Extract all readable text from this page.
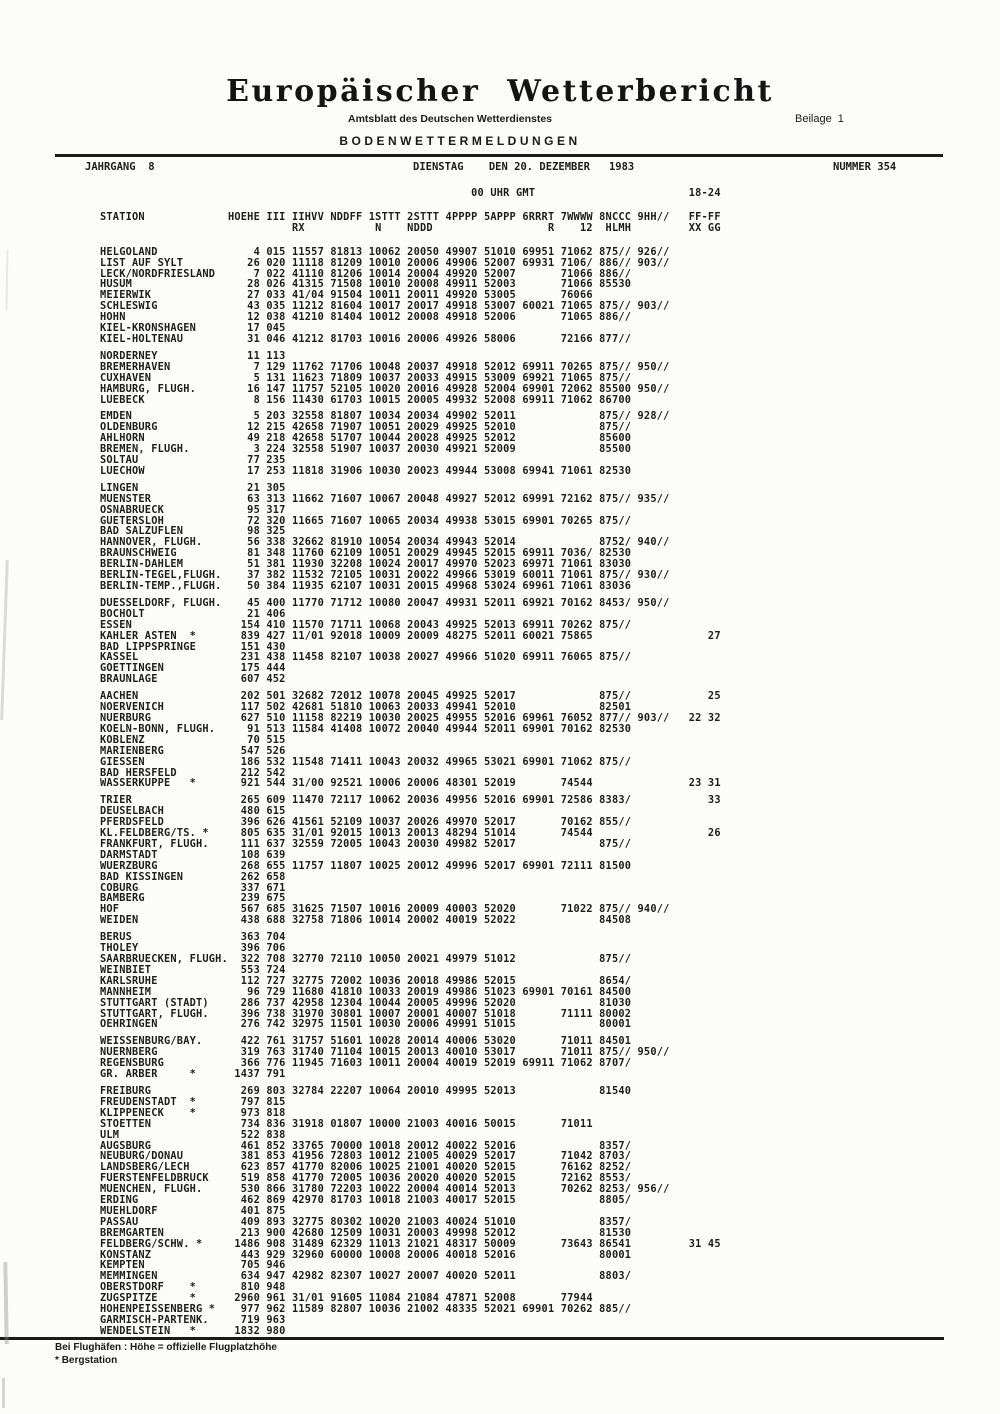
Europäischer Wetterbericht
Amtsblatt des Deutschen Wetterdienstes	Beilage  1
BODENWETTERMELDUNGEN
JAHRGANG  8	DIENSTAG    DEN 20. DEZEMBER   1983	NUMMER 354
00 UHR GMT                        18-24
STATION             HOEHE III IIHVV NDDFF 1STTT 2STTT 4PPPP 5APPP 6RRRT 7WWWW 8NCCC 9HH//   FF-FF
RX           N    NDDD                  R    12  HLMH         XX GG
HELGOLAND               4 015 11557 81813 10062 20050 49907 51010 69951 71062 875// 926//
LIST AUF SYLT          26 020 11118 81209 10010 20006 49906 52007 69931 7106/ 886// 903//
LECK/NORDFRIESLAND      7 022 41110 81206 10014 20004 49920 52007       71066 886//
HUSUM                  28 026 41315 71508 10010 20008 49911 52003       71066 85530
MEIERWIK               27 033 41/04 91504 10011 20011 49920 53005       76066
SCHLESWIG              43 035 11212 81604 10017 20017 49918 53007 60021 71065 875// 903//
HOHN                   12 038 41210 81404 10012 20008 49918 52006       71065 886//
KIEL-KRONSHAGEN        17 045
KIEL-HOLTENAU          31 046 41212 81703 10016 20006 49926 58006       72166 877//
NORDERNEY              11 113
BREMERHAVEN             7 129 11762 71706 10048 20037 49918 52012 69911 70265 875// 950//
CUXHAVEN                5 131 11623 71809 10037 20033 49915 53009 69921 71065 875//
HAMBURG, FLUGH.        16 147 11757 52105 10020 20016 49928 52004 69901 72062 85500 950//
LUEBECK                 8 156 11430 61703 10015 20005 49932 52008 69911 71062 86700
EMDEN                   5 203 32558 81807 10034 20034 49902 52011             875// 928//
OLDENBURG              12 215 42658 71907 10051 20029 49925 52010             875//
AHLHORN                49 218 42658 51707 10044 20028 49925 52012             85600
BREMEN, FLUGH.          3 224 32558 51907 10037 20030 49921 52009             85500
SOLTAU                 77 235
LUECHOW                17 253 11818 31906 10030 20023 49944 53008 69941 71061 82530
LINGEN                 21 305
MUENSTER               63 313 11662 71607 10067 20048 49927 52012 69991 72162 875// 935//
OSNABRUECK             95 317
GUETERSLOH             72 320 11665 71607 10065 20034 49938 53015 69901 70265 875//
BAD SALZUFLEN          98 325
HANNOVER, FLUGH.       56 338 32662 81910 10054 20034 49943 52014             8752/ 940//
BRAUNSCHWEIG           81 348 11760 62109 10051 20029 49945 52015 69911 7036/ 82530
BERLIN-DAHLEM          51 381 11930 32208 10024 20017 49970 52023 69971 71061 83030
BERLIN-TEGEL,FLUGH.    37 382 11532 72105 10031 20022 49966 53019 60011 71061 875// 930//
BERLIN-TEMP.,FLUGH.    50 384 11935 62107 10031 20015 49968 53024 69961 71061 83036
DUESSELDORF, FLUGH.    45 400 11770 71712 10080 20047 49931 52011 69921 70162 8453/ 950//
BOCHOLT                21 406
ESSEN                 154 410 11570 71711 10068 20043 49925 52013 69911 70262 875//
KAHLER ASTEN  *       839 427 11/01 92018 10009 20009 48275 52011 60021 75865                  27
BAD LIPPSPRINGE       151 430
KASSEL                231 438 11458 82107 10038 20027 49966 51020 69911 76065 875//
GOETTINGEN            175 444
BRAUNLAGE             607 452
AACHEN                202 501 32682 72012 10078 20045 49925 52017             875//            25
NOERVENICH            117 502 42681 51810 10063 20033 49941 52010             82501
NUERBURG              627 510 11158 82219 10030 20025 49955 52016 69961 76052 877// 903//   22 32
KOELN-BONN, FLUGH.     91 513 11584 41408 10072 20040 49944 52011 69901 70162 82530
KOBLENZ                70 515
MARIENBERG            547 526
GIESSEN               186 532 11548 71411 10043 20032 49965 53021 69901 71062 875//
BAD HERSFELD          212 542
WASSERKUPPE   *       921 544 31/00 92521 10006 20006 48301 52019       74544               23 31
TRIER                 265 609 11470 72117 10062 20036 49956 52016 69901 72586 8383/            33
DEUSELBACH            480 615
PFERDSFELD            396 626 41561 52109 10037 20026 49970 52017       70162 855//
KL.FELDBERG/TS. *     805 635 31/01 92015 10013 20013 48294 51014       74544                  26
FRANKFURT, FLUGH.     111 637 32559 72005 10043 20030 49982 52017             875//
DARMSTADT             108 639
WUERZBURG             268 655 11757 11807 10025 20012 49996 52017 69901 72111 81500
BAD KISSINGEN         262 658
COBURG                337 671
BAMBERG               239 675
HOF                   567 685 31625 71507 10016 20009 40003 52020       71022 875// 940//
WEIDEN                438 688 32758 71806 10014 20002 40019 52022             84508
BERUS                 363 704
THOLEY                396 706
SAARBRUECKEN, FLUGH.  322 708 32770 72110 10050 20021 49979 51012             875//
WEINBIET              553 724
KARLSRUHE             112 727 32775 72002 10036 20018 49986 52015             8654/
MANNHEIM               96 729 11680 41810 10033 20019 49986 51023 69901 70161 84500
STUTTGART (STADT)     286 737 42958 12304 10044 20005 49996 52020             81030
STUTTGART, FLUGH.     396 738 31970 30801 10007 20001 40007 51018       71111 80002
OEHRINGEN             276 742 32975 11501 10030 20006 49991 51015             80001
WEISSENBURG/BAY.      422 761 31757 51601 10028 20014 40006 53020       71011 84501
NUERNBERG             319 763 31740 71104 10015 20013 40010 53017       71011 875// 950//
REGENSBURG            366 776 11945 71603 10011 20004 40019 52019 69911 71062 8707/
GR. ARBER     *      1437 791
FREIBURG              269 803 32784 22207 10064 20010 49995 52013             81540
FREUDENSTADT  *       797 815
KLIPPENECK    *       973 818
STOETTEN              734 836 31918 01807 10000 21003 40016 50015       71011
ULM                   522 838
AUGSBURG              461 852 33765 70000 10018 20012 40022 52016             8357/
NEUBURG/DONAU         381 853 41956 72803 10012 21005 40029 52017       71042 8703/
LANDSBERG/LECH        623 857 41770 82006 10025 21001 40020 52015       76162 8252/
FUERSTENFELDBRUCK     519 858 41770 72005 10036 20020 40020 52015       72162 8553/
MUENCHEN, FLUGH.      530 866 31780 72203 10022 20004 40014 52013       70262 8253/ 956//
ERDING                462 869 42970 81703 10018 21003 40017 52015             8805/
MUEHLDORF             401 875
PASSAU                409 893 32775 80302 10020 21003 40024 51010             8357/
BREMGARTEN            213 900 42680 12509 10031 20003 49998 52012             81530
FELDBERG/SCHW. *     1486 908 31489 62329 11013 21021 48317 50009       73643 86541         31 45
KONSTANZ              443 929 32960 60000 10008 20006 40018 52016             80001
KEMPTEN               705 946
MEMMINGEN             634 947 42982 82307 10027 20007 40020 52011             8803/
OBERSTDORF    *       810 948
ZUGSPITZE     *      2960 961 31/01 91605 11084 21084 47871 52008       77944
HOHENPEISSENBERG *    977 962 11589 82807 10036 21002 48335 52021 69901 70262 885//
GARMISCH-PARTENK.     719 963
WENDELSTEIN   *      1832 980
Bei Flughäfen : Höhe = offizielle Flugplatzhöhe
* Bergstation
